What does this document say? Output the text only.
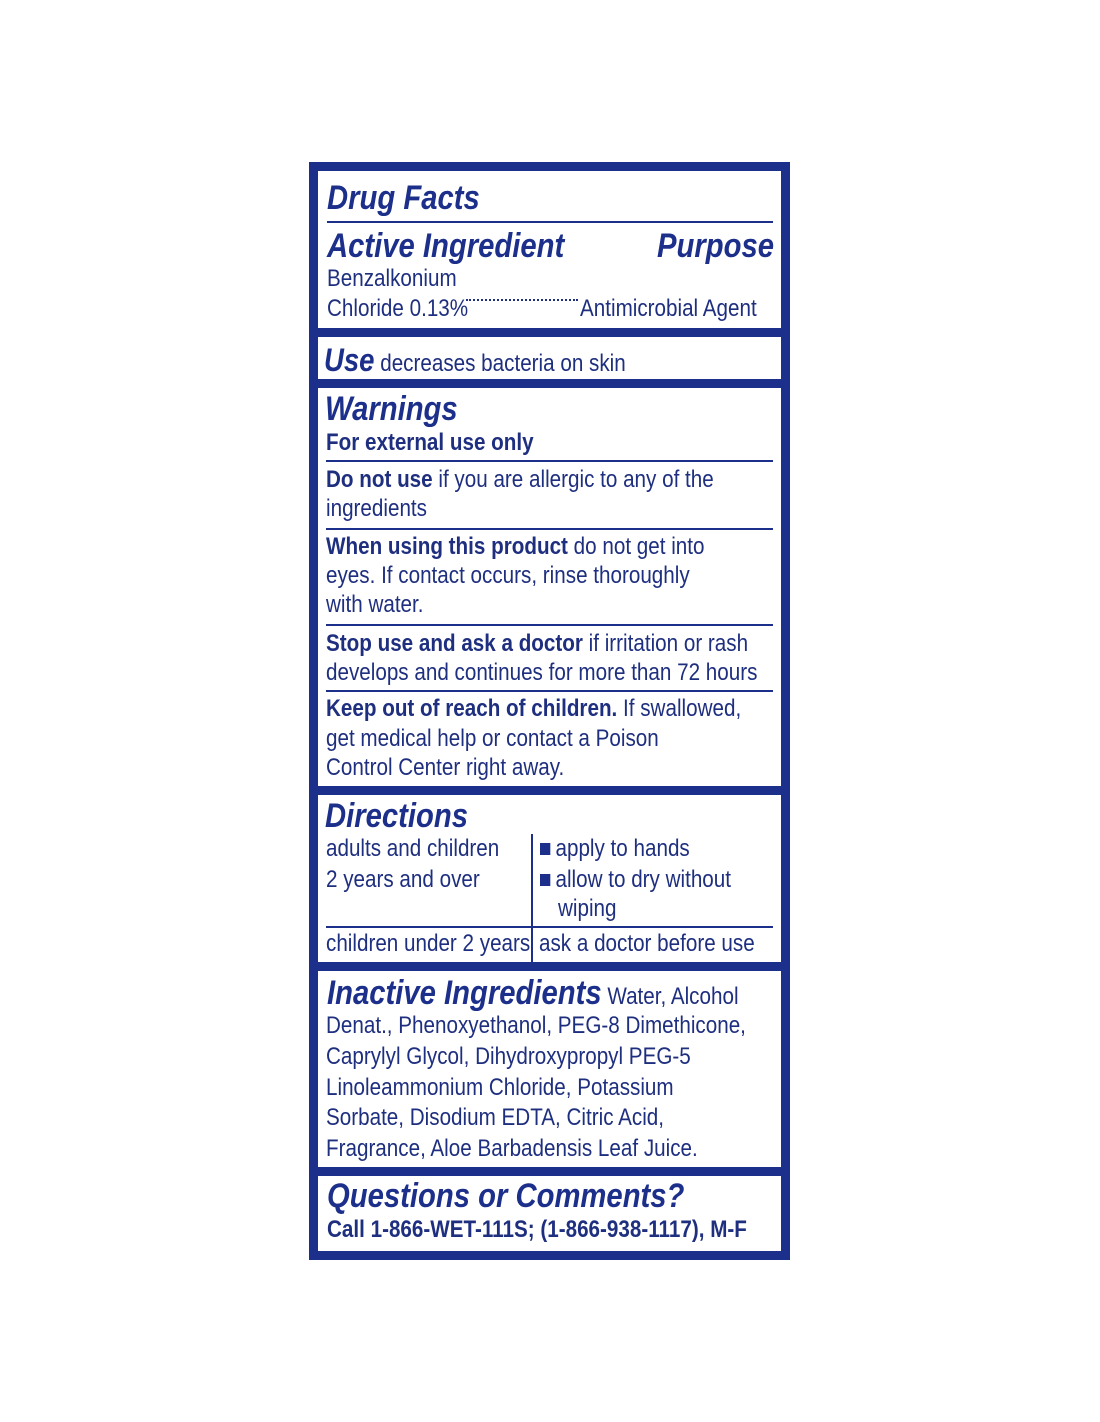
Drug Facts
Active Ingredient	Purpose
Benzalkonium
Chloride 0.13%	Antimicrobial Agent
Use decreases bacteria on skin
Warnings
For external use only
Do not use if you are allergic to any of the
ingredients
When using this product do not get into
eyes. If contact occurs, rinse thoroughly
with water.
Stop use and ask a doctor if irritation or rash
develops and continues for more than 72 hours
Keep out of reach of children. If swallowed,
get medical help or contact a Poison
Control Center right away.
Directions
adults and children
2 years and over
apply to hands
allow to dry without
wiping
children under 2 years ask a doctor before use
Inactive Ingredients Water, Alcohol
Denat., Phenoxyethanol, PEG-8 Dimethicone,
Caprylyl Glycol, Dihydroxypropyl PEG-5
Linoleammonium Chloride, Potassium
Sorbate, Disodium EDTA, Citric Acid,
Fragrance, Aloe Barbadensis Leaf Juice.
Questions or Comments?
Call 1-866-WET-111S; (1-866-938-1117), M-F
